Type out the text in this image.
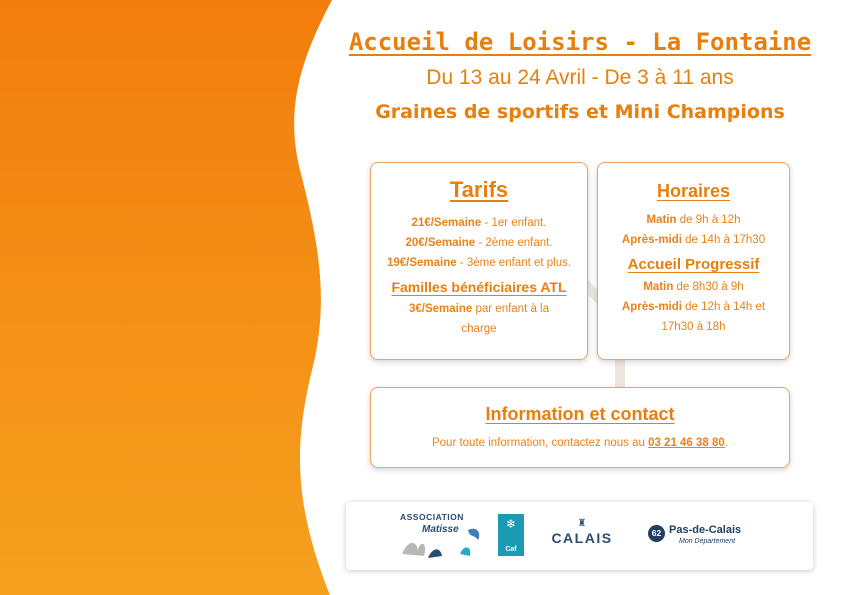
Accueil de Loisirs - La Fontaine
Du 13 au 24 Avril - De 3 à 11 ans
Graines de sportifs et Mini Champions
Tarifs
21€/Semaine - 1er enfant.
20€/Semaine - 2ème enfant.
19€/Semaine - 3ème enfant et plus.
Familles bénéficiaires ATL
3€/Semaine par enfant à la
charge
Horaires
Matin de 9h à 12h
Après-midi de 14h à 17h30
Accueil Progressif
Matin de 8h30 à 9h
Après-midi de 12h à 14h et
17h30 à 18h
Information et contact
Pour toute information, contactez nous au 03 21 46 38 80.
ASSOCIATION
Matisse	❄
Caf
♜
CALAIS	62 Pas-de-Calais
Mon Département
